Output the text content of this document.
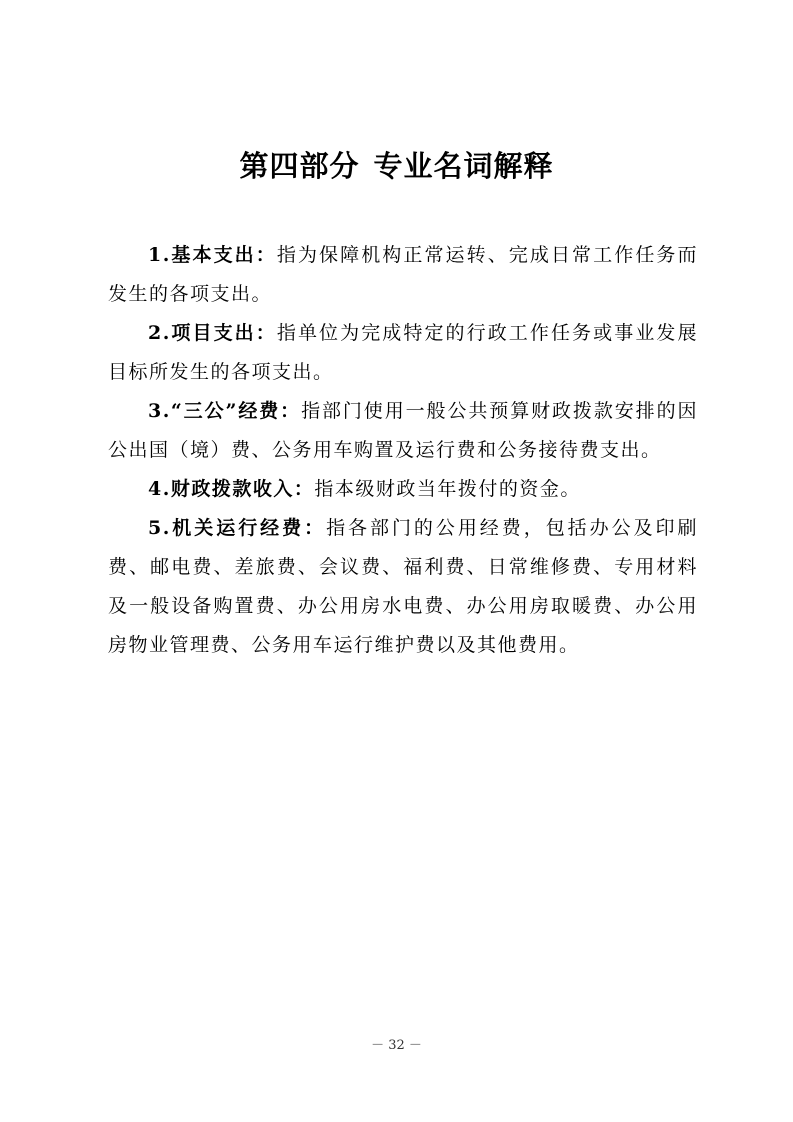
第四部分 专业名词解释

1.基本支出：指为保障机构正常运转、完成日常工作任务而发生的各项支出。

2.项目支出：指单位为完成特定的行政工作任务或事业发展目标所发生的各项支出。

3.“三公”经费：指部门使用一般公共预算财政拨款安排的因公出国（境）费、公务用车购置及运行费和公务接待费支出。

4.财政拨款收入：指本级财政当年拨付的资金。

5.机关运行经费：指各部门的公用经费，包括办公及印刷费、邮电费、差旅费、会议费、福利费、日常维修费、专用材料及一般设备购置费、办公用房水电费、办公用房取暖费、办公用房物业管理费、公务用车运行维护费以及其他费用。

－ 32 －
